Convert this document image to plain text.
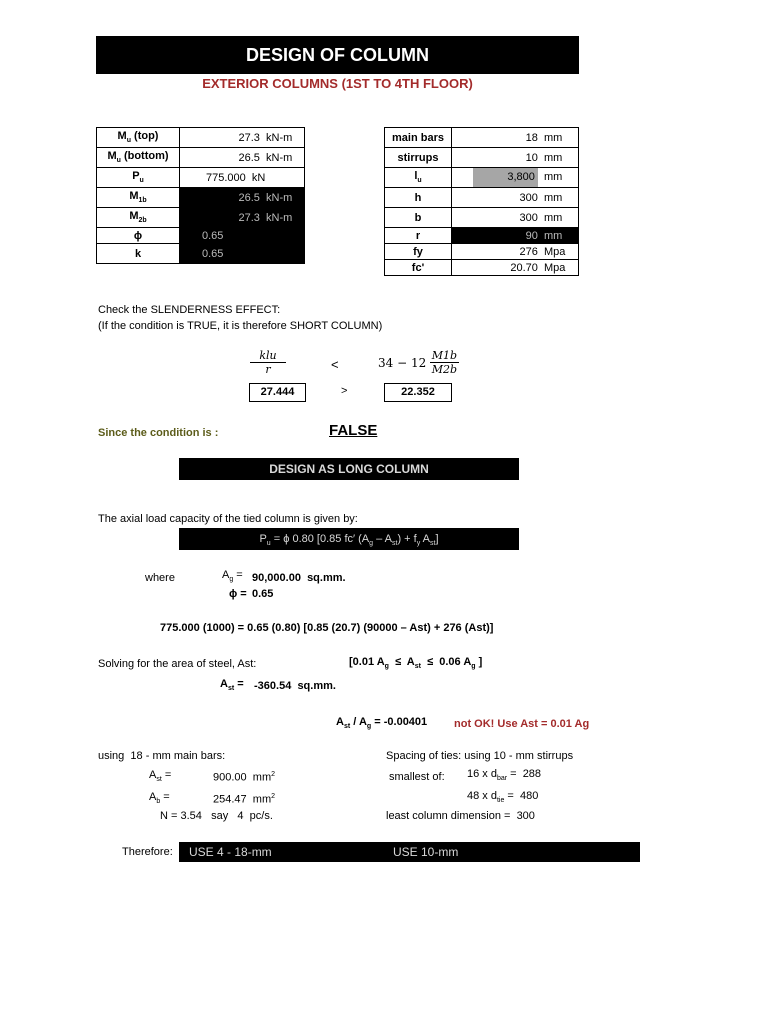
DESIGN OF COLUMN
EXTERIOR COLUMNS (1ST TO 4TH FLOOR)
$M_u$ (top)	27.3 kN-m
$M_u$ (bottom)	26.5 kN-m
$P_u$	775.000 kN
$M_{1b}$	26.5 kN-m
$M_{2b}$	27.3 kN-m
ϕ	0.65
k	0.65
main bars	18 mm
stirrups	10 mm
$l_u$	3,800 mm
h	300 mm
b	300 mm
r	90 mm
fy	276 Mpa
fc'	20.70 Mpa
Check the SLENDERNESS EFFECT:
(If the condition is TRUE, it is therefore SHORT COLUMN)
klu
r	<	$34 - 12 \frac{M1b}{M2b}$
27.444	>	22.352
Since the condition is :	FALSE
DESIGN AS LONG COLUMN
The axial load capacity of the tied column is given by:
$P_u = \phi$ 0.80 [0.85 fc′ $(A_g - A_{st}) + f_y$ $A_{st}$]
where	$A_g = 90,000.00$ sq.mm.
ϕ = 0.65
775.000 (1000) = 0.65 (0.80) [0.85 (20.7) (90000 – Ast) + 276 (Ast)]
Solving for the area of steel, Ast:	[0.01 $A_g \le A_{st} \le 0.06$ $A_g$ ]
$A_{st} = -360.54$ sq.mm.
$A_{st} / A_g = -0.00401$ not OK! Use Ast = 0.01 Ag
using 18 - mm main bars:
$A_{st}$ =	900.00 $mm^2$
$A_b$ =	254.47 $mm^2$
N = 3.54 say 4 pc/s.
Spacing of ties: using 10 - mm stirrups
smallest of: 16 x $d_{bar} = 288$
48 x $d_{tie} = 480$
least column dimension = 300
Therefore: USE 4 - 18-mm	USE 10-mm
